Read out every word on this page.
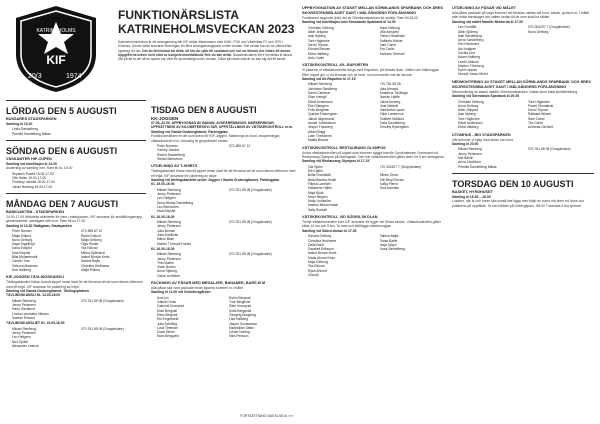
KIF
20/3	1974
KATRINEHOLMS
FUNKTIONÄRSLISTA
KATRINEHOLMSVECKAN 2023
Katrineholmsveckan är ett arrangemang där KIF deltar tillsammans med KAIK, FOK och Västeråsa FC och OFK i Vintrosa. Utöver detta ansvarar föreningen för flera arrangemangspass under veckan. Här nedan kan du se vilken/vilka uppdrag du har. Om du förhindrad att delta, så hör du själv till samband och hur du lämnar det vidare till annan. Uppgifterna kräver med stöd av kompetensomfattande före du kan delta. Glassfestivalens förre förväntas kl lämna Ditt på att ta del så du spelar bar värd för sportvaktigt under veckan. Gåva på nästa sida är du kan sig det till kansli.
LÖRDAG DEN 5 AUGUSTI
BUSSARES STADSPARKEN
Samling kl 15.30
Linda Sandelberg
Pernilla Sandelberg Mäsla
SÖNDAG DEN 6 AUGUSTI
VÄSKAMTER HIF-CUPEN
Samling vid hotellkajen kl 14.00
Avvärning av samling mm. Ram till sv. 15.00
Shyamin Pravia 15.00-17.00
Olle Halén 15.00-17.00
Thommy Jakobs 15.00-17.00
Johan Broberg 15.00-17.00
MÅNDAG DEN 7 AUGUSTI
BANKVAKTEN - STADSPARKEN
14.00-17.00 biblioteks aktiviteter för barn i stadsparken. KIF ansvarar för anställningsmapp, gemensamhet, ytterligare sätt m.m. Ram till sv 17.00.
Samling kl 13.30 Stallgatan, Stadsparken
Peter Noman	072-555 67 12
Malja Edlund	Robin Edlund
Nova Gelborg	Malja Gelborg
Saga Tegelhöjd	Olga Rinder
Dana Edqvist	Tea Edlund
Moa Edqvist	Minna Sjöbrandt
Bilal Mohammadi	Isabel Bonvie-Kreis
Candin Tran	Sabina Bajlis
Gehova Abraham	Christina Hedhame
Ana Hallberg	Malja Edlund
KIF-JOGGEN TÄVLINGSKANSLI
Tävlingskansliet bidrar överstt loppet innan start för att förvarna att de som nämns eftersom med ett tröja. KIF ansvarar för paktering av tröjor.
Samling vid Gamla Grubengtiamet, Tävlingsplatsen
TÄVLINGSKANSLI KL 14.00-18.00
Mikael Stenberg	070-761 85 08 (Gruppledare)
Jenny Pedersen
Harry Sandlund
Lovisa Larsdotter Nilsson
Swelan Ertrand
TÄVLINGSKANSLIET KL 15.00-16.00
Mikael Stenberg	070-761 85 08 (Gruppledare)
Jenny Pedersen
Leo Hellgren
Noo Djuliel
Alexander Leanza
TISDAG DEN 8 AUGUSTI
KK-JOGGEN
07.00–22.00. UPPBYGGNAD AV BANAN, AVSPÄRRNINGAR, MARKERINGAR, UPPSÄTTNING AV KILOMETERSKYLTAR, UPPSTÄLLNING AV VÄTSKEKONTROLL m.m.
Samling vid Gamla Grubengtiamet, Parkingplan
Funktionärsbilden en att som krävs för KIF-Joggen. Marknings av bord, avspärrningar, vätskekontroll m.m. Ansvarig är gruppledare nedan.
Peter Norman	072-555 67 12
Tommy Jakobs
Robert Sandelberg
Stefan Bemström
UTDELNING AV T-SHIRTS
Tävlingskansliet bidrar överstt loppet innan start för att förvarna att de som nämns eftersom med ett tröja. KIF ansvarar för paktering av tröjor.
Samling vid tävlingskansliet under Joggen i Gamla Grubengtiamet, Parkingplan
KL 15.00-16.00
Mikael Stenberg	070-761 85 08 (Gruppledare)
Jenny Pedersen
Leo Hellgren
Nova Mintus Sandelberg
Leo Bemström
Moa Edqvist
KL 16.00-16.00
Mikael Stenberg	070-761 85 08 (Gruppledare)
Jenny Pedersen
Julia Boman
Julia Dahlkvist
Milton Blum
Marnie Tönnvall Hurlas
KL 16.00-18.00
Mikael Stenberg	070-761 85 08 (Gruppledare)
Jenny Pedersen
Theo Barlin
Vicke Norlén
Anna Sjöberg
Oskar Lindblom
PACKNING AV PÅSAR MED MEDALJER, BANANER, BARS M M
Alla påsar ska vara packade innan löparna kommer in i målet.
Samling kl 11.00 vid Gröndersgården
Axel jon	Robin Bergvall
Gabriel Huss	Ture Bergkvist
Gabrivel Kronqvist	Ellen Kronqvist
Elise Bergvall	Sofia Bergqvist
Elinn Bergvall	Tomgelg Burgberg
Ebi Engelbrekt	Lisa Hallberg
Julia Schilling	Jasper Gustavsson
Lova Tirelman	Maximilian Sattin
Clara Sterm	Cristin Norling
Nora Bergqvist	Mira Persson
UPPBYGGNATION AV STAKET MELLAN SÖRMLANDS SPARBANK OCH ÄRES SKORSSTENSBILAGET SANT I MÅLGÅNGENS FÖRLÄNGNING
Funktionen avgjorda (kön) del av Sörmlandsbanken för slutlöp, Ram till 18.00.
Samling vid hotellkajen med Sörmlands Sparbank kl 14.00
Christian Gelborg	Anna Gelborg
Albin Jellqvist	Ville Almqvist
Isak Nyberg	Pawel Oknatinski
Tore Högberke	Raffaela Wicker
David Tripodo	Sam Caner
Eduard Beroan	Tim Carlin
Ebba Vallberg	Andreas Gerhold
Aldo Carlin
VÄTSKEKONTROLL KIL-RAPORTEN
Vi placerar ut vätskekontroller längs med Raporten, på fortsatt linan. Vatten och hällmuggar. Efter loppet gör vi vid brunnar och se fordi, om kommunen inte tar ansvar.
Samling vid Kil-Raporten kl 17.15
Mikael Stenberg	070-761 85 08
Jonnatan Sandberg	Nyla Ahmadi
David Carlsson	Amadeus Tiedböge
Elise Hamgil	Markim Hjälte
Elliott Andersson	Kiana Arnberg
Elia Gåsegren	Noel Walenti
Felix Bergman	Samantha Laurin
Quedar Frisbergsen	Ebbe Lambrinos
Jakob Jägerbrand	Robbert Nollland
Amale Juhtvidsson	Sofia Sandelberg
Jesper Fossberg	Timothy Rybergsten
Albert Brigg
Liam Thirestrom
Mattia Bruzoe
VÄTSKEKONTROLL RESTAURANG OLYMPOS
Andra vätskekontrollen på loppet som kommer bygga framför Gymkhateratn Grevasted vid Restaurang Olympos på Malmgatan. Den här vätskekontrollen gäller även för 5 km-deltagarna.
Samling vid Restaurang Olympos kl 17.15
Ola Hjälm	070-304207 7 (Gruppledare)
Elin Hjälm
Bella Grandstål	Siham Omar
Belal Bamba Hediri	Snil Beryi Emam
Filipsa Lariesén	Sofija Pierrix
Madelene Hjälm	Tora Achvilas
Maja Björk
Moa Hellgren
Molly Lindström
Markus Mohammadi
Sally Rossell
VÄTSKEKONTROLL VID SÖDRA SKOLAN
Tredje vätskekontrollen som KIF ansvarar för ligger vid Södra skolan. Vätskekontrollen gäller både 10 km och 5 km. Ta med och blötlägga vätskemuggar.
Samling vid Södra skolan kl 17.00
Sandra Gelborg	Sabina Bajlis
Christina Hedhame	Rania Baklé
Dalia Bahli	Maja Sjöqvi
Sarabell Eriksson	Nova Sandelberg
Isabel Bonvie-Kreis
Mada Ahmed Nour
Maja Gelborg
Tea Edlund
Ryan Ahmed
Zina Ali
UTDELNING AV PÅSAR VID MÅLET
Alla påsar packade på vagn kommer att fördelas mellan två bord, banan, goda m.m. I målet eller mäta barnslaget och vatten sedan till de som skall ha sådan.
Samling vid målet framför Bröderna kl 17.00
Leo Gerdfält	070-304207 7 (Gruppledare)
Albin Sjöberg	Nova Gelborg
Isak Sandelberg
Anna Sandelberg
Elin Kärnbrant
Ale Hultgren
Cecilia Lind
Adam Hallberg
Lexell Jaiksos
Markim Tönnberg
Hyll Kronkiss
Muncik Yasan Mehrt
NEDMONTERING AV STAKET MELLAN SÖRMLANDS SPARBANK OCH ÄRES SKORSSTENSBILAGET SANT I MÅLGÅNGENS FÖRLÄNGNING
Nedmontering av staket utanför Sörmlandsbanken. Kallas även kalla skolåterbäring.
Samling vid Sörmlands Sparbank kl 20.45
Christian Gelborg	Tore Högberke
Anna Gelborg	Pawel Oknatinski
Albin Jellqvist	David Tripodo
Isak Nyberg	Raffaela Wicker
Tore Högberke	Sam Caner
Elliott Andersson	Tim Carlin
Ebba Vallberg	Andreas Gerhold
UTOMHUS - BIO STADSPARKEN
Här behöver vi hjälp med stolar och bord.
Samling kl 20.00
Mikael Stenberg	070-761 85 08 (Gruppledare)
Jenny Pedersen
Mia Bahlin
Anna Schöfberr
Pernilla Sandelberg Mäsla
TORSDAG DEN 10 AUGUSTI
BASKET, HYRDHUSET
Samling kl 15.30 – 18.00
Lokalen, här är och tusen ska också inte ligga med hjälp av kulna när finns ett, finns och publikens på uppfällde. Ta med kläder på Dirbergsplan. 3M.00 Tusentals 6 fint spelare.
FORTSÄTTNING NÄSTA SIDA >>>
